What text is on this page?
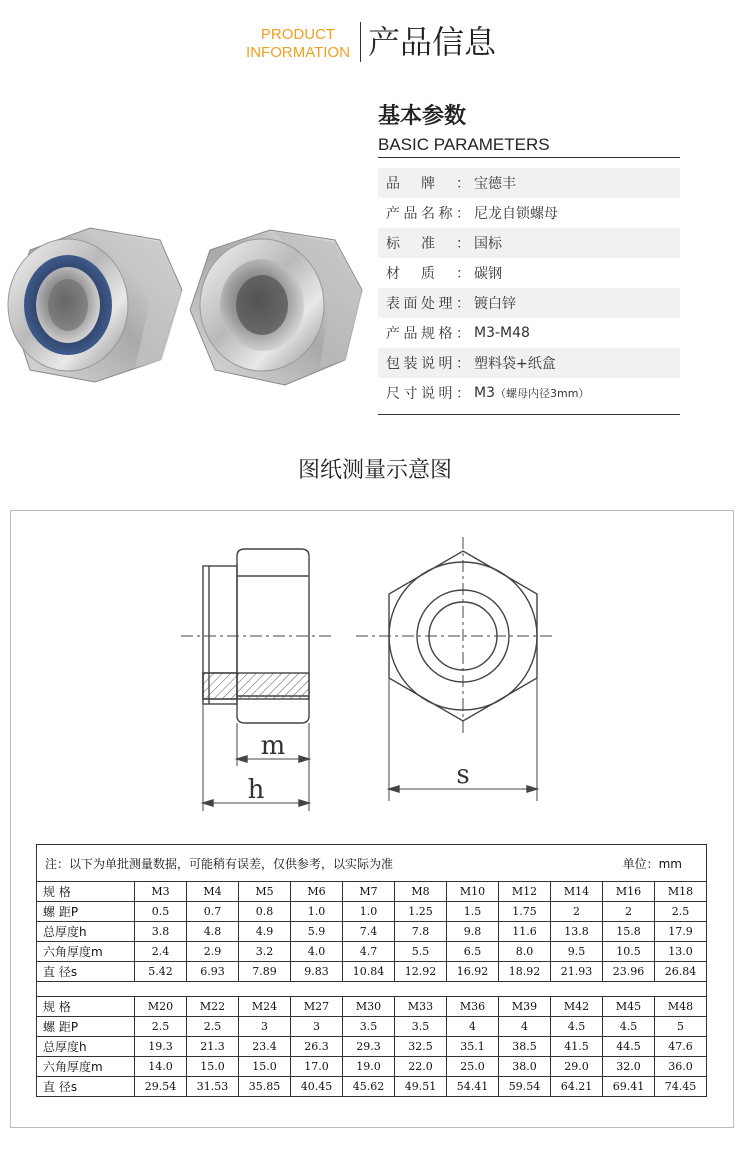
PRODUCT
INFORMATION 产品信息
基本参数
BASIC PARAMETERS
品牌： 宝德丰
产品名称： 尼龙自锁螺母
标准： 国标
材质： 碳钢
表面处理： 镀白锌
产品规格： M3-M48
包装说明： 塑料袋+纸盒
尺寸说明： M3（螺母内径3mm）
图纸测量示意图
m
h	s
注：以下为单批测量数据，可能稍有误差，仅供参考，以实际为准 单位：mm											

规 格	M3	M4	M5	M6	M7	M8	M10	M12	M14	M16	M18
螺 距P	0.5	0.7	0.8	1.0	1.0	1.25	1.5	1.75	2	2	2.5
总厚度h	3.8	4.8	4.9	5.9	7.4	7.8	9.8	11.6	13.8	15.8	17.9
六角厚度m	2.4	2.9	3.2	4.0	4.7	5.5	6.5	8.0	9.5	10.5	13.0
直 径s	5.42	6.93	7.89	9.83	10.84	12.92	16.92	18.92	21.93	23.96	26.84

规 格	M20	M22	M24	M27	M30	M33	M36	M39	M42	M45	M48
螺 距P	2.5	2.5	3	3	3.5	3.5	4	4	4.5	4.5	5
总厚度h	19.3	21.3	23.4	26.3	29.3	32.5	35.1	38.5	41.5	44.5	47.6
六角厚度m	14.0	15.0	15.0	17.0	19.0	22.0	25.0	38.0	29.0	32.0	36.0
直 径s	29.54	31.53	35.85	40.45	45.62	49.51	54.41	59.54	64.21	69.41	74.45
